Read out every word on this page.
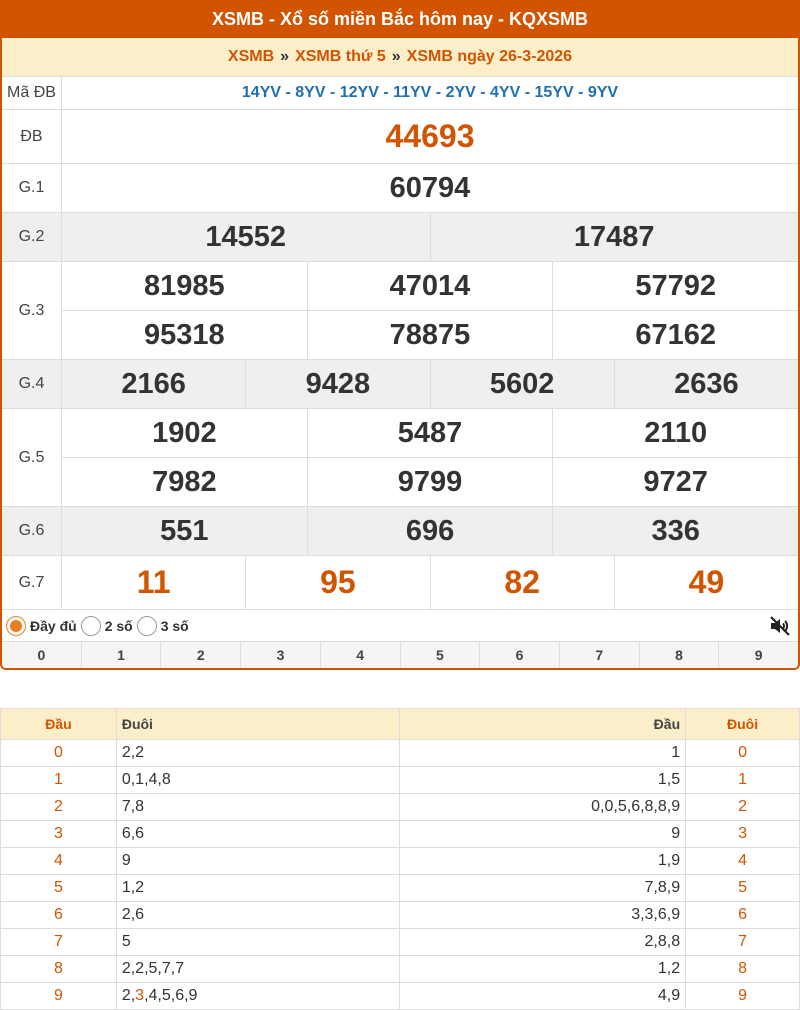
XSMB - Xổ số miền Bắc hôm nay - KQXSMB
XSMB » XSMB thứ 5 » XSMB ngày 26-3-2026
Mã ĐB	14YV - 8YV - 12YV - 11YV - 2YV - 4YV - 15YV - 9YV
ĐB	44693
G.1	60794
G.2	14552	17487
G.3
81985	47014	57792
95318	78875	67162
G.4	2166	9428	5602	2636
G.5
1902	5487	2110
7982	9799	9727
G.6	551	696	336
G.7	11	95	82	49
Đầy đủ 2 số 3 số
0	1	2	3	4	5	6	7	8	9
Đầu	Đuôi	Đầu	Đuôi
0	2,2	1	0
1	0,1,4,8	1,5	1
2	7,8	0,0,5,6,8,8,9	2
3	6,6	9	3
4	9	1,9	4
5	1,2	7,8,9	5
6	2,6	3,3,6,9	6
7	5	2,8,8	7
8	2,2,5,7,7	1,2	8
9	2,3,4,5,6,9	4,9	9
